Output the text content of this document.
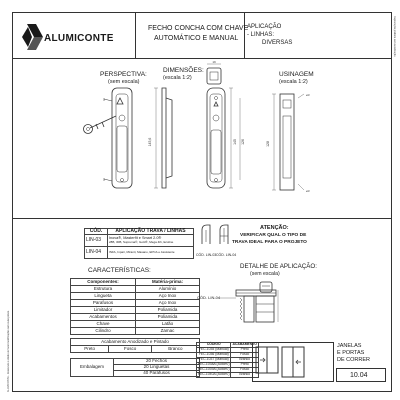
ALUMICONTE - Reservado o direito de fazer modificações sem aviso prévio.
Reprodução proibida sem autorização
ALUMICONTE
FECHO CONCHA COM CHAVE
AUTOMÁTICO E MANUAL
APLICAÇÃO
- LINHAS:
DIVERSAS
PERSPECTIVA:
(sem escala)
DIMENSÕES:
(escala 1:2)	USINAGEM
(escala 1:2)
145,6
19
145 126	128
ø3
ø3
CÓD.	APLICAÇÃO TRAVA / LINHAS
LIN-03	Inova®, Masterfit e Smart 2.0®
28B, 30B, Suprema®, Gold®, Mega 4th, Ecoline

LIN-04	INFA, Inpari, Miranti, Masano, EPCA e Assistente
ATENÇÃO:
VERIFICAR QUAL O TIPO DE
TRAVA IDEAL PARA O PROJETO
CÓD. LIN-03 CÓD. LIN-04
CARACTERÍSTICAS:
Componentes:	Matéria-prima:
Estrutura	Alumínio
Lingueta	Aço Inox
Parafusos	Aço Inox
Limitador	Poliamida
Acabamentos	Poliamida
Chave	Latão
Cilindro	Zamac
DETALHE DE APLICAÇÃO:
(sem escala)
CÓD. LIN-04
Acabamento Anodizado e Pintado
Preto	Fosco	Branco
Embalagem	20 Fechos
20 Linguetas
40 Parafusos
CÓDIGO	ACABAMENTO
FEC-1035 (Manual)	Preto
FEC-1036 (Manual)	Fosco
FEC-1037 (Manual)	Branco
FEC-1038A (Autom.)	Preto
FEC-1039A (Autom.)	Fosco
FEC-1040A (Autom.)	Branco
JANELAS
E PORTAS
DE CORRER
10.04
